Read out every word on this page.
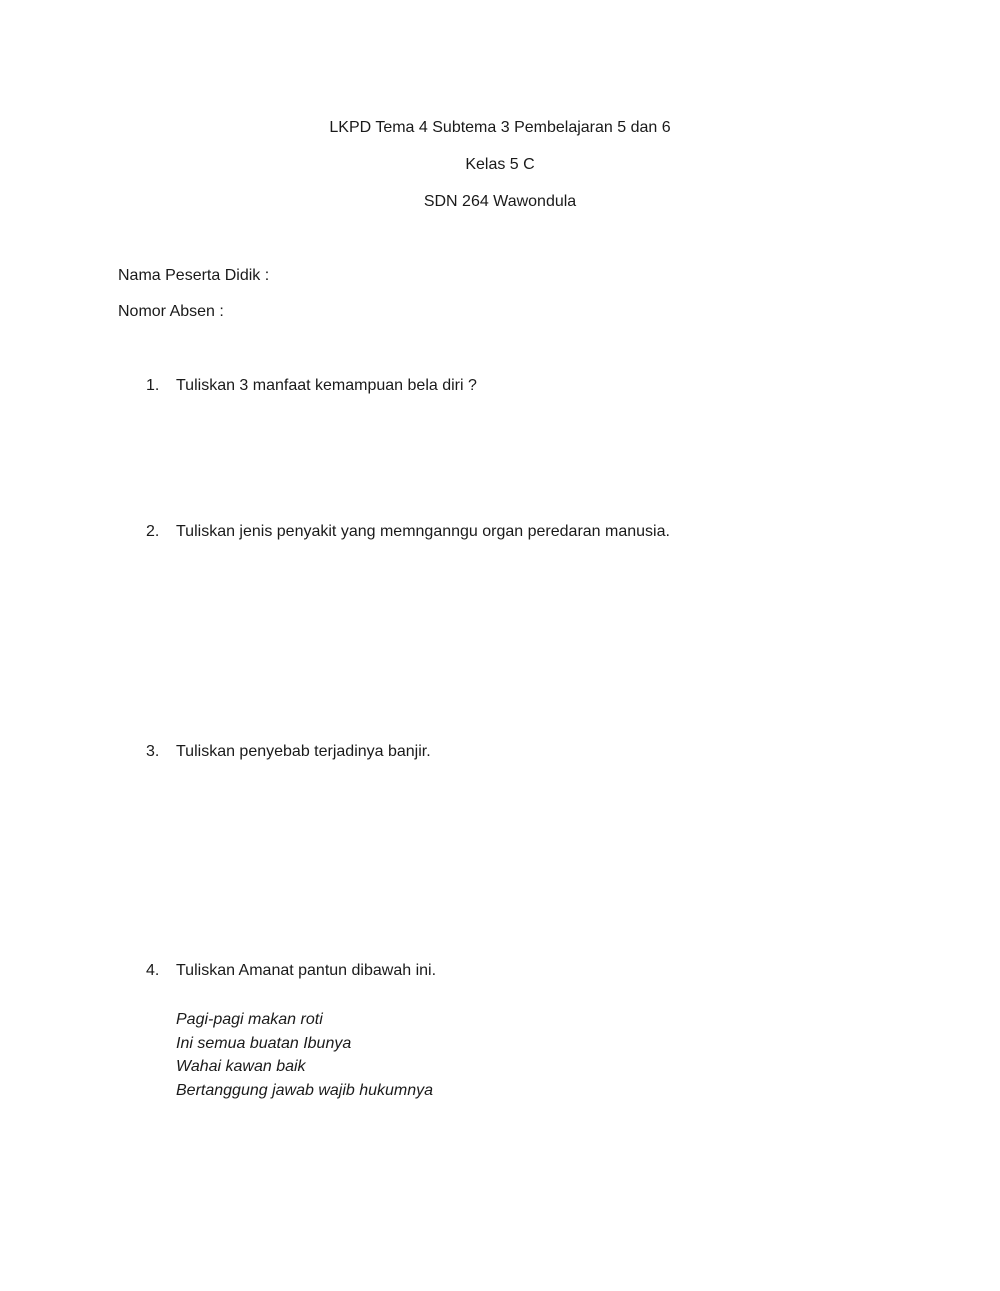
LKPD Tema 4 Subtema 3 Pembelajaran 5 dan 6
Kelas 5 C
SDN 264 Wawondula
Nama Peserta Didik :
Nomor Absen :
1.	Tuliskan 3 manfaat kemampuan bela diri ?
2.	Tuliskan jenis penyakit yang memnganngu organ peredaran manusia.
3.	Tuliskan penyebab terjadinya banjir.
4.	Tuliskan Amanat pantun dibawah ini.
Pagi-pagi makan roti
Ini semua buatan Ibunya
Wahai kawan baik
Bertanggung jawab wajib hukumnya
